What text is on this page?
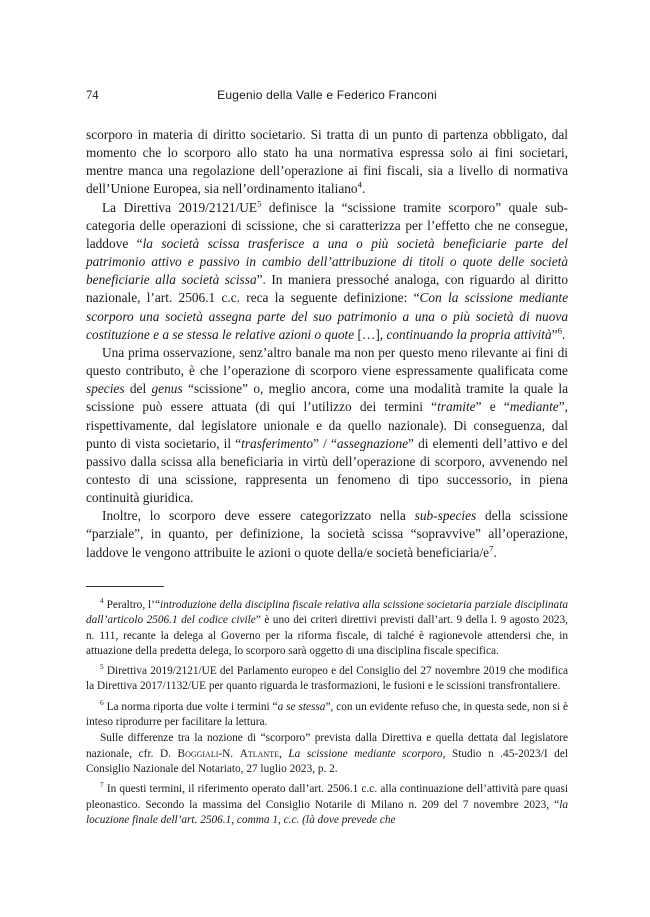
74	Eugenio della Valle e Federico Franconi

scorporo in materia di diritto societario. Si tratta di un punto di partenza obbligato, dal momento che lo scorporo allo stato ha una normativa espressa solo ai fini societari, mentre manca una regolazione dell’operazione ai fini fiscali, sia a livello di normativa dell’Unione Europea, sia nell’ordinamento italiano$^4$.

La Direttiva $2019/2121/UE^5$ definisce la “scissione tramite scorporo” quale sub-categoria delle operazioni di scissione, che si caratterizza per l’effetto che ne consegue, laddove “la società scissa trasferisce a una o più società beneficiarie parte del patrimonio attivo e passivo in cambio dell’attribuzione di titoli o quote delle società beneficiarie alla società scissa”. In maniera pressoché analoga, con riguardo al diritto nazionale, l’art. 2506.1 c.c. reca la seguente definizione: “Con la scissione mediante scorporo una società assegna parte del suo patrimonio a una o più società di nuova costituzione e a se stessa le relative azioni o quote […], continuando la propria attività”$^6$.

Una prima osservazione, senz’altro banale ma non per questo meno rilevante ai fini di questo contributo, è che l’operazione di scorporo viene espressamente qualificata come species del genus “scissione” o, meglio ancora, come una modalità tramite la quale la scissione può essere attuata (di qui l’utilizzo dei termini “tramite” e “mediante”, rispettivamente, dal legislatore unionale e da quello nazionale). Di conseguenza, dal punto di vista societario, il “trasferimento” / “assegnazione” di elementi dell’attivo e del passivo dalla scissa alla beneficiaria in virtù dell’operazione di scorporo, avvenendo nel contesto di una scissione, rappresenta un fenomeno di tipo successorio, in piena continuità giuridica.

Inoltre, lo scorporo deve essere categorizzato nella sub-species della scissione “parziale”, in quanto, per definizione, la società scissa “sopravvive” all’operazione, laddove le vengono attribuite le azioni o quote della/e società beneficiaria/$e^7$.

$^4$ Peraltro, l’“introduzione della disciplina fiscale relativa alla scissione societaria parziale disciplinata dall’articolo 2506.1 del codice civile” è uno dei criteri direttivi previsti dall’art. 9 della l. 9 agosto 2023, n. 111, recante la delega al Governo per la riforma fiscale, di talché è ragionevole attendersi che, in attuazione della predetta delega, lo scorporo sarà oggetto di una disciplina fiscale specifica.

$^5$ Direttiva 2019/2121/UE del Parlamento europeo e del Consiglio del 27 novembre 2019 che modifica la Direttiva 2017/1132/UE per quanto riguarda le trasformazioni, le fusioni e le scissioni transfrontaliere.

$^6$ La norma riporta due volte i termini “a se stessa”, con un evidente refuso che, in questa sede, non si è inteso riprodurre per facilitare la lettura.

Sulle differenze tra la nozione di “scorporo” prevista dalla Direttiva e quella dettata dal legislatore nazionale, cfr. D. Boggiali-N. Atlante, La scissione mediante scorporo, Studio n .45-2023/I del Consiglio Nazionale del Notariato, 27 luglio 2023, p. 2.

$^7$ In questi termini, il riferimento operato dall’art. 2506.1 c.c. alla continuazione dell’attività pare quasi pleonastico. Secondo la massima del Consiglio Notarile di Milano n. 209 del 7 novembre 2023, “la locuzione finale dell’art. 2506.1, comma 1, c.c. (là dove prevede che
